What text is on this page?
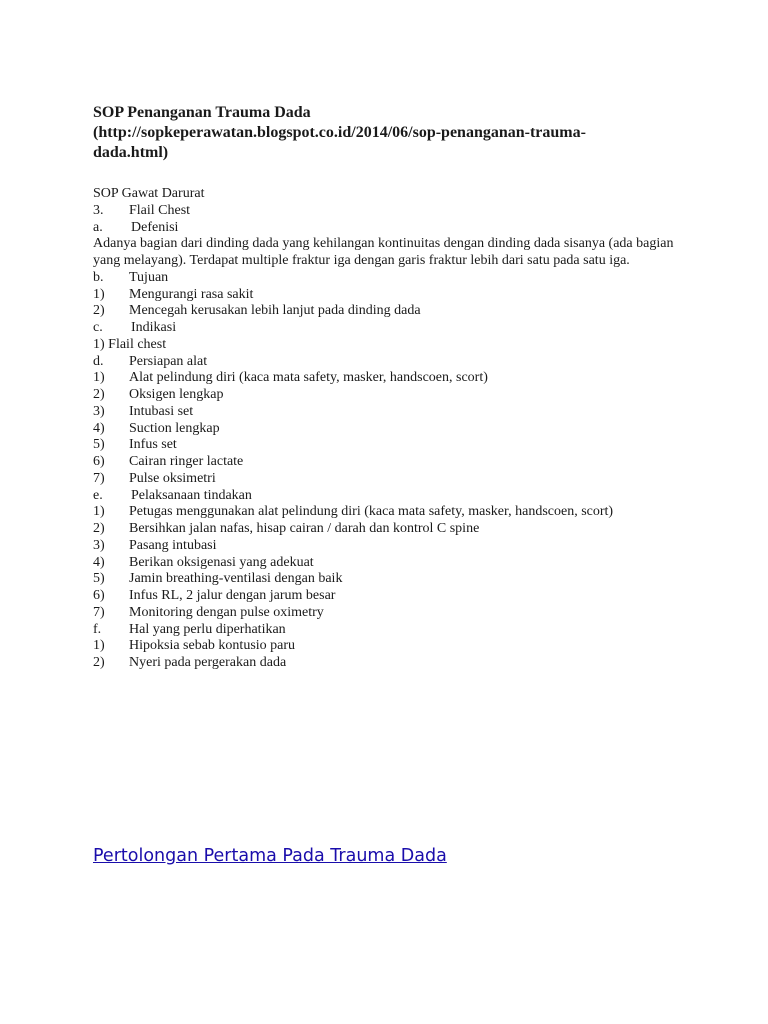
SOP Penanganan Trauma Dada
(http://sopkeperawatan.blogspot.co.id/2014/06/sop-penanganan-trauma-
dada.html)
SOP Gawat Darurat
3.	Flail Chest
a.	Defenisi
Adanya bagian dari dinding dada yang kehilangan kontinuitas dengan dinding dada sisanya (ada bagian yang melayang). Terdapat multiple fraktur iga dengan garis fraktur lebih dari satu pada satu iga.
b.	Tujuan
1)	Mengurangi rasa sakit
2)	Mencegah kerusakan lebih lanjut pada dinding dada
c.	Indikasi
1) Flail chest
d.	Persiapan alat
1)	Alat pelindung diri (kaca mata safety, masker, handscoen, scort)
2)	Oksigen lengkap
3)	Intubasi set
4)	Suction lengkap
5)	Infus set
6)	Cairan ringer lactate
7)	Pulse oksimetri
e.	Pelaksanaan tindakan
1)	Petugas menggunakan alat pelindung diri (kaca mata safety, masker, handscoen, scort)
2)	Bersihkan jalan nafas, hisap cairan / darah dan kontrol C spine
3)	Pasang intubasi
4)	Berikan oksigenasi yang adekuat
5)	Jamin breathing-ventilasi dengan baik
6)	Infus RL, 2 jalur dengan jarum besar
7)	Monitoring dengan pulse oximetry
f.	Hal yang perlu diperhatikan
1)	Hipoksia sebab kontusio paru
2)	Nyeri pada pergerakan dada
Pertolongan Pertama Pada Trauma Dada
